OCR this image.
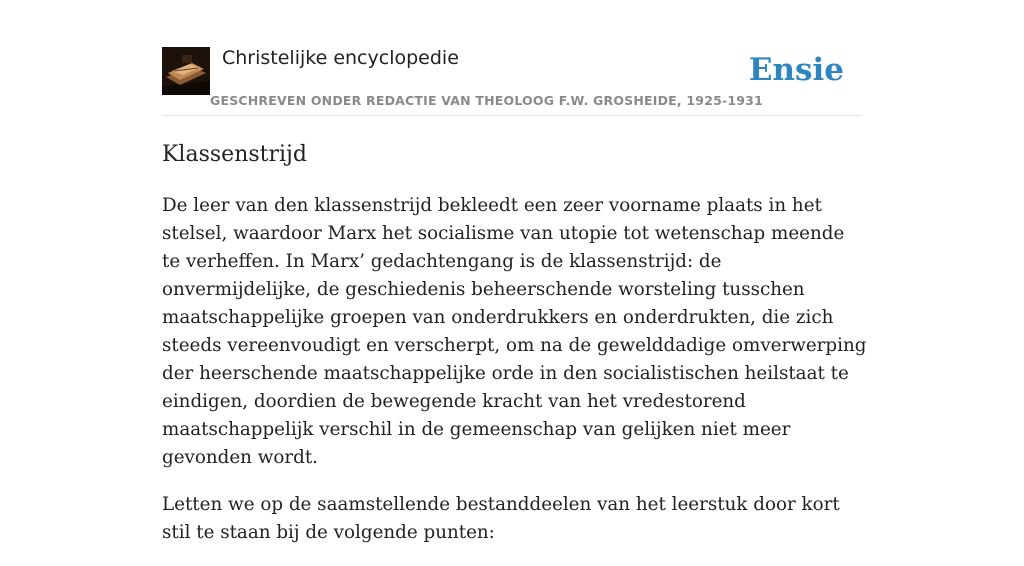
Christelijke encyclopedie
GESCHREVEN ONDER REDACTIE VAN THEOLOOG F.W. GROSHEIDE, 1925-1931
Ensie
Klassenstrijd

De leer van den klassenstrijd bekleedt een zeer voorname plaats in het stelsel, waardoor Marx het socialisme van utopie tot wetenschap meende te verheffen. In Marx’ gedachtengang is de klassenstrijd: de onvermijdelijke, de geschiedenis beheerschende worsteling tusschen maatschappelijke groepen van onderdrukkers en onderdrukten, die zich steeds vereenvoudigt en verscherpt, om na de gewelddadige omverwerping der heerschende maatschappelijke orde in den socialistischen heilstaat te eindigen, doordien de bewegende kracht van het vredestorend maatschappelijk verschil in de gemeenschap van gelijken niet meer gevonden wordt.

Letten we op de saamstellende bestanddeelen van het leerstuk door kort stil te staan bij de volgende punten:
